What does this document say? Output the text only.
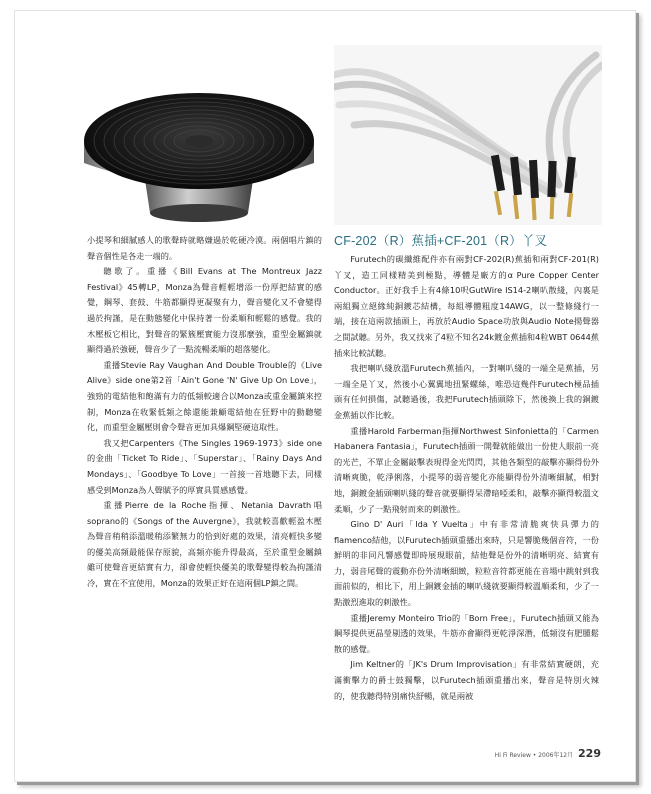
小提琴和細膩感人的歌聲時就略嫌過於乾硬冷漠。兩個唱片鎮的聲音個性是各走一端的。

聽歌了。重播《Bill Evans at The Montreux Jazz Festival》45轉LP，Monza為聲音輕輕增添一份厚把結實的感覺，鋼琴、套鼓、牛筋都顯得更凝聚有力，聲音變化又不會變得過於拘謹，是在動態變化中保持著一份柔順和輕鬆的感覺。我的木壓板它相比，對聲音的緊簇壓實能力沒那麼強，重型金屬鎮就顯得過於強硬，聲音少了一點流暢柔順的超落變化。

重播Stevie Ray Vaughan And Double Trouble的《Live Alive》side one第2首「Ain't Gone 'N' Give Up On Love」，強勁的電結他和飽滿有力的低頻較適合以Monza或重金屬鎮來控制，Monza在收緊低頻之餘還能兼顧電結他在狂野中的動聽變化，而重型金屬壓則會令聲音更加具爆鋼堅硬這取性。

我又把Carpenters《The Singles 1969-1973》side one的金曲「Ticket To Ride」、「Superstar」、「Rainy Days And Mondays」、「Goodbye To Love」一首接一首地聽下去，同樣感受到Monza為人聲賦予的厚實具質感感覺。

重播Pierre de la Roche指揮、Netania Davrath唱soprano的《Songs of the Auvergne》，我就較喜歡輕盈木壓為聲音稍稍添溫暖稍添繁無力的恰到好處的效果，清亮輕快多變的優美高頻最能保存原貌，高頻亦能升得最高，至於重型金屬鎮雖可使聲音更結實有力，卻會使輕快優美的歌聲變得較為拘謹清冷，實在不宜使用，Monza的效果正好在這兩個LP鎮之間。

CF-202（R）蕉插+CF-201（R）丫叉

Furutech的碳纖維配件亦有兩對CF-202(R)蕉插和兩對CF-201(R)丫叉，造工同樣精美到極點，導體是廠方的α Pure Copper Center Conductor。正好我手上有4條10呎GutWire IS14-2喇叭散綫，內裏是兩組獨立絕緣純銅鍍芯結構，每組導體粗度14AWG，以一整條綫行一端，接在這兩款插頭上，再放於Audio Space功放與Audio Note揚聲器之間試聽。另外，我又找來了4粒不知名24k鍍金蕉插和4粒WBT 0644蕉插來比較試聽。

我把喇叭綫放溫Furutech蕉插內，一對喇叭綫的一端全是蕉插，另一端全是丫叉，然後小心翼翼地扭緊螺絲，唯恐這幾件Furutech極品插頭有任何損傷，試聽過後，我把Furutech插頭除下，然後換上我的銅鍍金蕉插以作比較。

重播Harold Farberman指揮Northwest Sinfonietta的「Carmen Habanera Fantasia」，Furutech插頭一開聲就能做出一份使人眼前一亮的光芒，不單止金屬敲擊表現得金光閃閃，其他各類型的敲擊亦顯得份外清晰爽脆，乾淨俐落，小提琴的弱音變化亦能顯得份外清晰細膩，相對地，銅鍍金插頭喇叭綫的聲音就要顯得呆滯暗啞柔和，敲擊亦顯得較溫文柔順，少了一點飛射而來的刺激性。

Gino D' Auri「Ida Y Vuelta」中有非常清脆爽快具彈力的flamenco結他，以Furutech插頭重播出來時，只是響脆幾個音符，一份鮮明的非同凡響感覺即時展現眼前，結他聲是份外的清晰明亮、結實有力，弱音尾聲的震動亦份外清晰細緻，粒粒音符都更能在音場中跳射到我面前似的，相比下，用上銅鍍金插的喇叭綫就要顯得較溫順柔和，少了一點激烈進取的刺激性。

重播Jeremy Monteiro Trio的「Born Free」，Furutech插頭又能為鋼琴提供更晶瑩剔透的效果，牛筋亦會顯得更乾淨深潛，低頻沒有肥腫鬆散的感覺。

Jim Keltner的「JK's Drum Improvisation」有非常結實硬朗，充滿衝擊力的爵士鼓獨擊，以Furutech插頭重播出來，聲音是特別火辣的，使我聽得特別痛快舒暢，就是兩被

Hi Fi Review • 2006年12月 229
